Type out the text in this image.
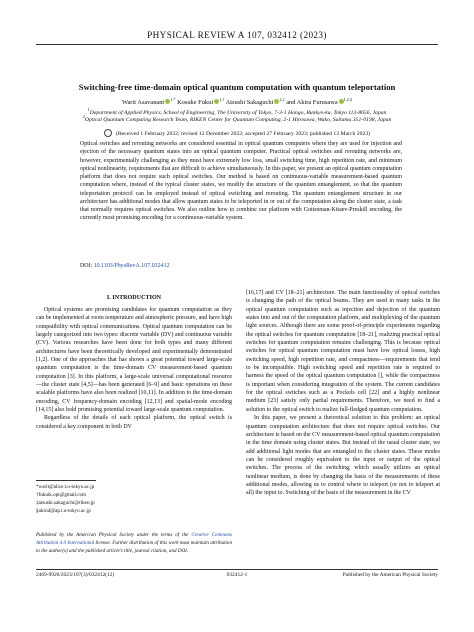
PHYSICAL REVIEW A 107, 032412 (2023)
Switching-free time-domain optical quantum computation with quantum teleportation
Warit Asavanant $^{1,*}$ Kosuke Fukui $^{1,\dagger}$ Atsushi Sakaguchi $^{2,\ddagger}$ and Akira Furusawa $^{1,2,\S}$
$^1$Department of Applied Physics, School of Engineering, The University of Tokyo, 7-3-1 Hongo, Bunkyo-ku, Tokyo 113-8656, Japan
$^2$Optical Quantum Computing Research Team, RIKEN Center for Quantum Computing, 2-1 Hirosawa, Wako, Saitama 351-0198, Japan
(Received 1 February 2022; revised 12 December 2022; accepted 27 February 2023; published 13 March 2023)
Optical switches and rerouting networks are considered essential in optical quantum computers where they are used for injection and ejection of the necessary quantum states into an optical quantum computer. Practical optical switches and rerouting networks are, however, experimentally challenging as they must have extremely low loss, small switching time, high repetition rate, and minimum optical nonlinearity, requirements that are difficult to achieve simultaneously. In this paper, we present an optical quantum computation platform that does not require such optical switches. Our method is based on continuous-variable measurement-based quantum computation where, instead of the typical cluster states, we modify the structure of the quantum entanglement, so that the quantum teleportation protocol can be employed instead of optical switching and rerouting. The quantum entanglement structure in our architecture has additional modes that allow quantum states to be teleported in or out of the computation along the cluster state, a task that normally requires optical switches. We also outline how to combine our platform with Gottesman-Kitaev-Preskill encoding, the currently most promising encoding for a continuous-variable system.
DOI: 10.1103/PhysRevA.107.032412
I. INTRODUCTION

Optical systems are promising candidates for quantum computation as they can be implemented at room temperature and atmospheric pressure, and have high compatibility with optical communications. Optical quantum computation can be largely categorized into two types: discrete variable (DV) and continuous variable (CV). Various researches have been done for both types and many different architectures have been theoretically developed and experimentally demonstrated [1,2]. One of the approaches that has shown a great potential toward large-scale quantum computation is the time-domain CV measurement-based quantum computation [3]. In this platform, a large-scale universal computational resource—the cluster state [4,5]—has been generated [6–9] and basic operations on these scalable platforms have also been realized [10,11]. In addition to the time-domain encoding, CV frequency-domain encoding [12,13] and spatial-mode encoding [14,15] also hold promising potential toward large-scale quantum computation.

Regardless of the details of each optical platform, the optical switch is considered a key component in both DV

[16,17] and CV [18–21] architecture. The main functionality of optical switches is changing the path of the optical beams. They are used in many tasks in the optical quantum computation such as injection and dejection of the quantum states into and out of the computation platform, and multiplexing of the quantum light sources. Although there are some proof-of-principle experiments regarding the optical switches for quantum computation [18–21], realizing practical optical switches for quantum computation remains challenging. This is because optical switches for optical quantum computation must have low optical losses, high switching speed, high repetition rate, and compactness—requirements that tend to be incompatible. High switching speed and repetition rate is required to harness the speed of the optical quantum computation [], while the compactness is important when considering integration of the system. The current candidates for the optical switches such as a Pockels cell [22] and a highly nonlinear medium [23] satisfy only partial requirements. Therefore, we need to find a solution to the optical switch to realize full-fledged quantum computation.

In this paper, we present a theoretical solution to this problem: an optical quantum computation architecture that does not require optical switches. Our architecture is based on the CV measurement-based optical quantum computation in the time domain using cluster states. But instead of the usual cluster state, we add additional light modes that are entangled to the cluster states. These modes can be considered roughly equivalent to the input or output of the optical switches. The process of the switching, which usually utilizes an optical nonlinear medium, is done by changing the basis of the measurements of these additional modes, allowing us to control where to teleport (or not to teleport at all) the input to. Switching of the basis of the measurement in the CV

*warit@alice.t.u-tokyo.ac.jp
†fukuik.opt@gmail.com
‡atsushi.sakaguchi@riken.jp
§akiraf@ap.t.u-tokyo.ac.jp
Published by the American Physical Society under the terms of the Creative Commons Attribution 4.0 International license. Further distribution of this work must maintain attribution to the author(s) and the published article’s title, journal citation, and DOI.
2469-9926/2023/107(3)/032412(12)	032412-1	Published by the American Physical Society
